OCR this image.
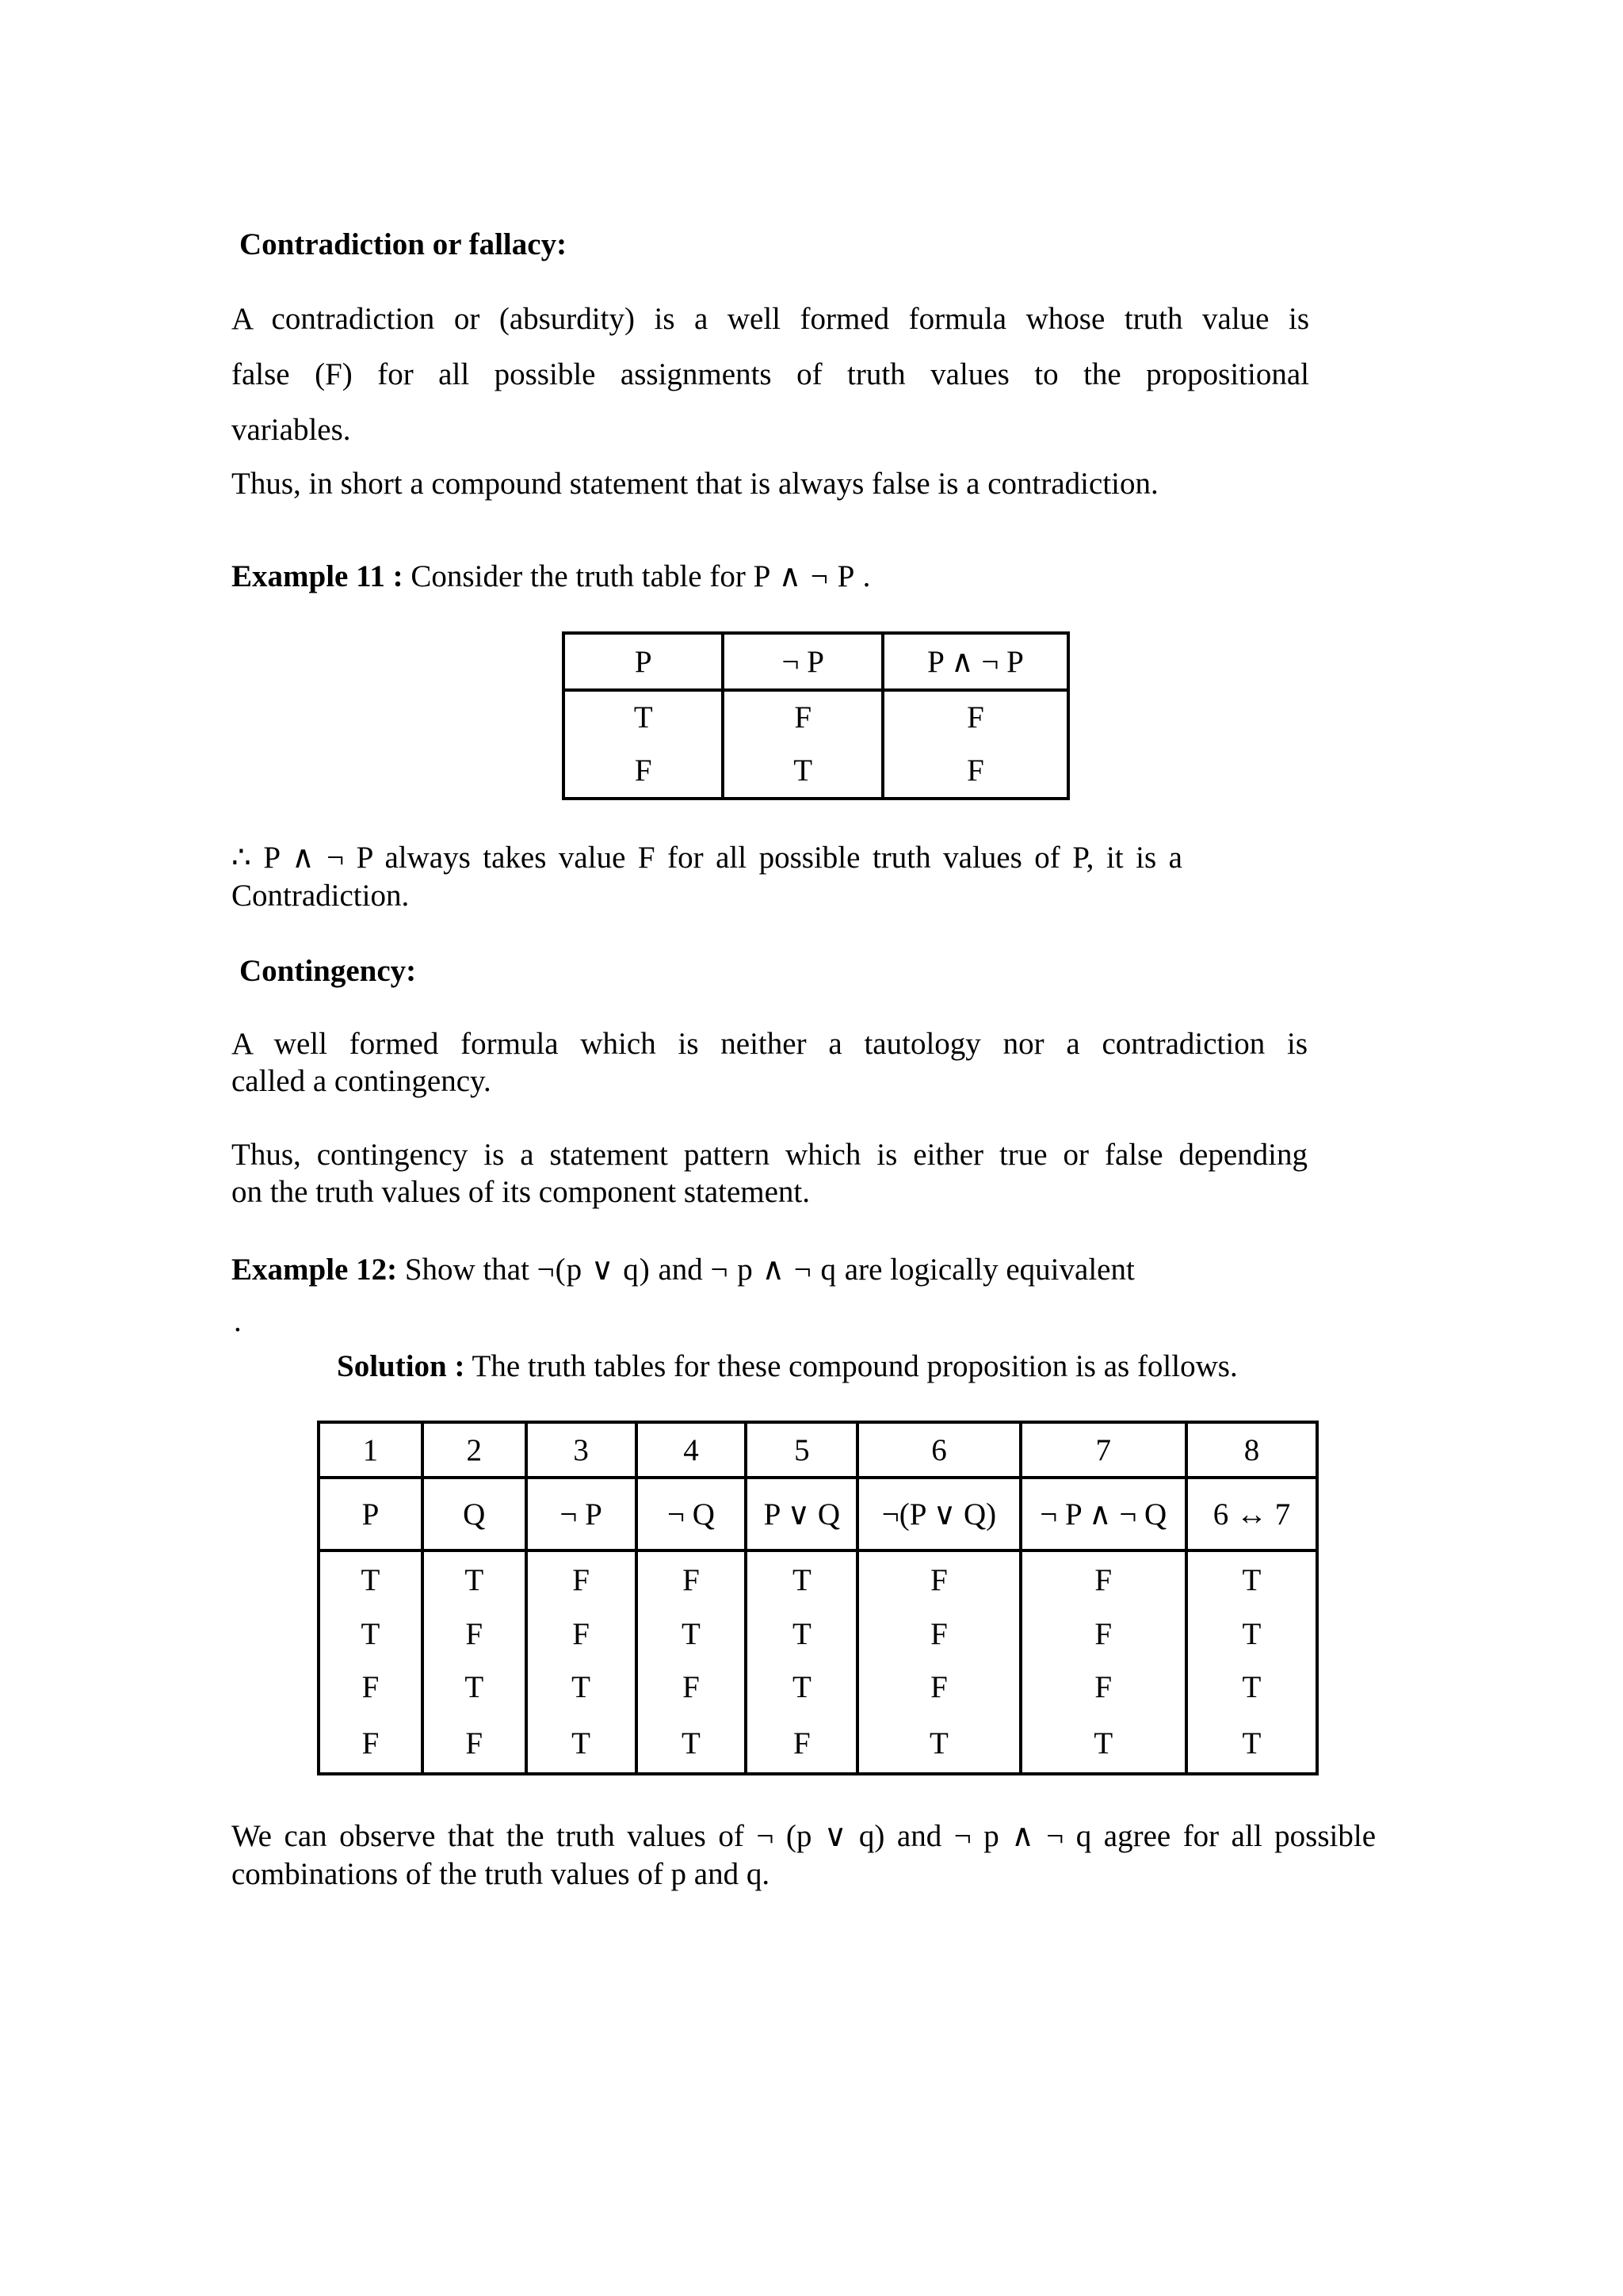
Contradiction or fallacy:
A contradiction or (absurdity) is a well formed formula whose truth value is
false (F) for all possible assignments of truth values to the propositional
variables.
Thus, in short a compound statement that is always false is a contradiction.
Example 11 : Consider the truth table for P ∧ ¬ P .
P	¬ P	P ∧ ¬ P
T	F	F
F	T	F
∴ P ∧ ¬ P always takes value F for all possible truth values of P, it is a
Contradiction.
Contingency:
A well formed formula which is neither a tautology nor a contradiction is
called a contingency.
Thus, contingency is a statement pattern which is either true or false depending
on the truth values of its component statement.
Example 12: Show that ¬(p ∨ q) and ¬ p ∧ ¬ q are logically equivalent
.
Solution : The truth tables for these compound proposition is as follows.
1	2	3	4	5	6	7	8
P	Q	¬ P	¬ Q	P ∨ Q	¬(P ∨ Q)	¬ P ∧ ¬ Q	6 ↔ 7
T	T	F	F	T	F	F	T
T	F	F	T	T	F	F	T
F	T	T	F	T	F	F	T
F	F	T	T	F	T	T	T
We can observe that the truth values of ¬ (p ∨ q) and ¬ p ∧ ¬ q agree for all possible
combinations of the truth values of p and q.
